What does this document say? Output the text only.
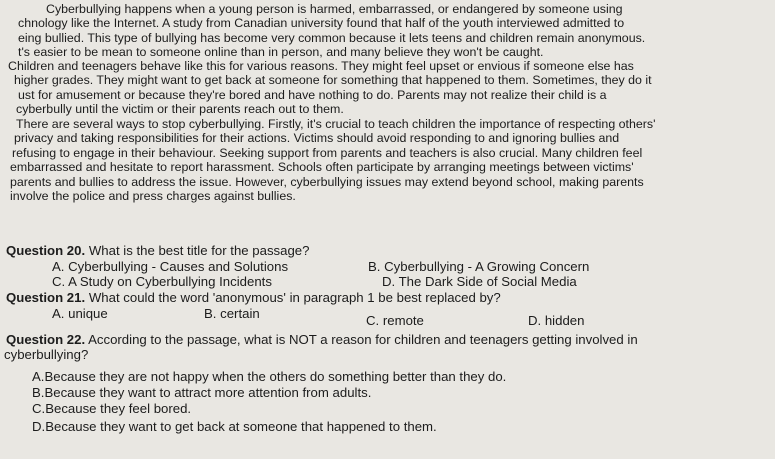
Cyberbullying happens when a young person is harmed, embarrassed, or endangered by someone using
chnology like the Internet. A study from Canadian university found that half of the youth interviewed admitted to
eing bullied. This type of bullying has become very common because it lets teens and children remain anonymous.
t's easier to be mean to someone online than in person, and many believe they won't be caught.
Children and teenagers behave like this for various reasons. They might feel upset or envious if someone else has
higher grades. They might want to get back at someone for something that happened to them. Sometimes, they do it
ust for amusement or because they're bored and have nothing to do. Parents may not realize their child is a
cyberbully until the victim or their parents reach out to them.
There are several ways to stop cyberbullying. Firstly, it's crucial to teach children the importance of respecting others'
privacy and taking responsibilities for their actions. Victims should avoid responding to and ignoring bullies and
refusing to engage in their behaviour. Seeking support from parents and teachers is also crucial. Many children feel
embarrassed and hesitate to report harassment. Schools often participate by arranging meetings between victims'
parents and bullies to address the issue. However, cyberbullying issues may extend beyond school, making parents
involve the police and press charges against bullies.
Question 20. What is the best title for the passage?
A. Cyberbullying - Causes and Solutions	B. Cyberbullying - A Growing Concern
C. A Study on Cyberbullying Incidents	D. The Dark Side of Social Media
Question 21. What could the word 'anonymous' in paragraph 1 be best replaced by?
A. unique	B. certain	C. remote	D. hidden
Question 22. According to the passage, what is NOT a reason for children and teenagers getting involved in
cyberbullying?
A.Because they are not happy when the others do something better than they do.
B.Because they want to attract more attention from adults.
C.Because they feel bored.
D.Because they want to get back at someone that happened to them.
